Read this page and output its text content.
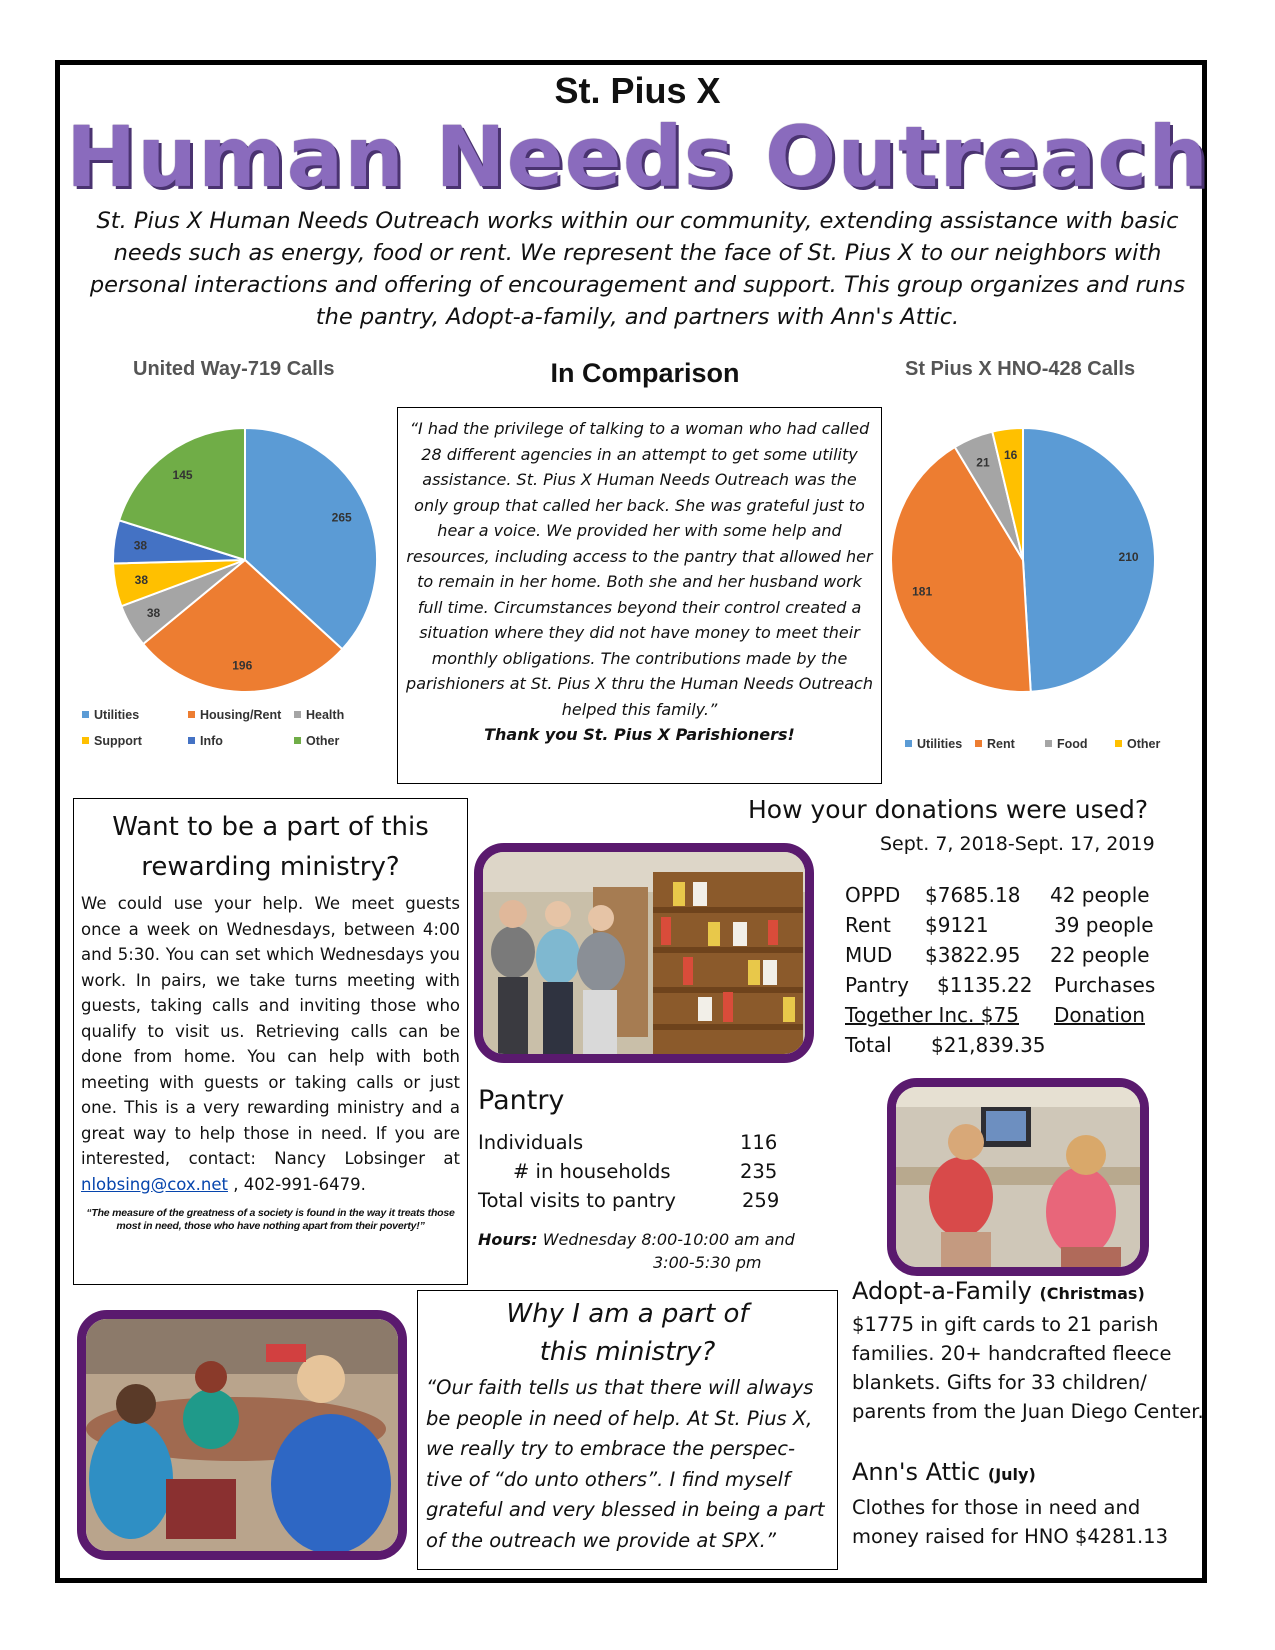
St. Pius X
Human Needs Outreach
St. Pius X Human Needs Outreach works within our community, extending assistance with basic needs such as energy, food or rent. We represent the face of St. Pius X to our neighbors with personal interactions and offering of encouragement and support. This group organizes and runs the pantry, Adopt-a-family, and partners with Ann's Attic.
United Way-719 Calls
265
196
38
38
38
145
Utilities	Housing/Rent HealthSupport	Info	Other
St Pius X HNO-428 Calls
210
181
21
16
Utilities Rent	Food	Other
In Comparison
“I had the privilege of talking to a woman who had called 28 different agencies in an attempt to get some utility assistance. St. Pius X Human Needs Outreach was the only group that called her back. She was grateful just to hear a voice. We provided her with some help and resources, including access to the pantry that allowed her to remain in her home. Both she and her husband work full time. Circumstances beyond their control created a situation where they did not have money to meet their monthly obligations. The contributions made by the parishioners at St. Pius X thru the Human Needs Outreach helped this family.”
Thank you St. Pius X Parishioners!
Want to be a part of this
rewarding ministry?
We could use your help. We meet guests once a week on Wednesdays, between 4:00 and 5:30. You can set which Wednesdays you work. In pairs, we take turns meeting with guests, taking calls and inviting those who qualify to visit us. Retrieving calls can be done from home. You can help with both meeting with guests or taking calls or just one. This is a very rewarding ministry and a great way to help those in need. If you are interested, contact: Nancy Lobsinger at nlobsing@cox.net , 402-991-6479.
“The measure of the greatness of a society is found in the way it treats those most in need, those who have nothing apart from their poverty!”
How your donations were used?
Sept. 7, 2018-Sept. 17, 2019
OPPD	$7685.18	42 people
Rent	$9121	39 people
MUD	$3822.95	22 people
Pantry	$1135.22	Purchases
Together Inc. $75		Donation
Total	$21,839.35	
Pantry
Individuals	116
# in households	235
Total visits to pantry	259
Hours: Wednesday 8:00-10:00 am and
3:00-5:30 pm
Why I am a part of
this ministry?
“Our faith tells us that there will always be people in need of help. At St. Pius X, we really try to embrace the perspec-tive of “do unto others”. I find myself grateful and very blessed in being a part of the outreach we provide at SPX.”
Adopt-a-Family (Christmas)
$1775 in gift cards to 21 parish families. 20+ handcrafted fleece blankets. Gifts for 33 children/ parents from the Juan Diego Center.
Ann's Attic (July)
Clothes for those in need and money raised for HNO $4281.13
